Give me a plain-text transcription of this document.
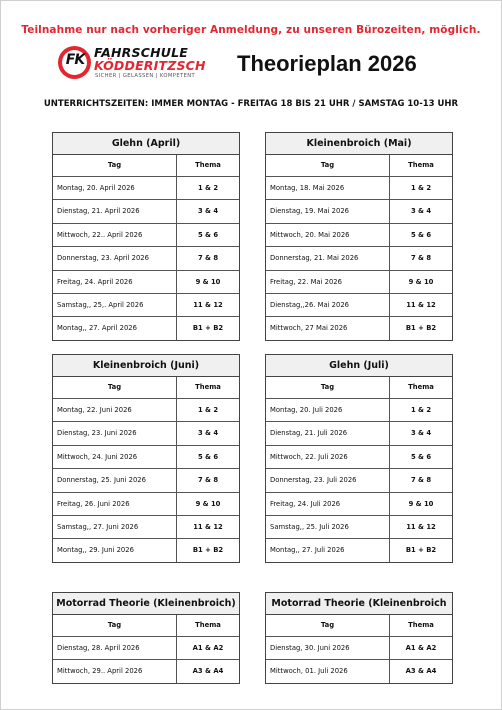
Teilnahme nur nach vorheriger Anmeldung, zu unseren Bürozeiten, möglich.
FK FAHRSCHULE
KÖDDERITZSCH
SICHER | GELASSEN | KOMPETENT Theorieplan 2026
UNTERRICHTSZEITEN: IMMER MONTAG - FREITAG 18 BIS 21 UHR / SAMSTAG 10-13 UHR
Glehn (April)
Tag	Thema
Montag, 20. April 2026	1 & 2
Dienstag, 21. April 2026	3 & 4
Mittwoch, 22.. April 2026	5 & 6
Donnerstag, 23. April 2026	7 & 8
Freitag, 24. April 2026	9 & 10
Samstag,, 25,. April 2026	11 & 12
Montag,, 27. April 2026	B1 + B2
Kleinenbroich (Mai)
Tag	Thema
Montag, 18. Mai 2026	1 & 2
Dienstag, 19. Mai 2026	3 & 4
Mittwoch, 20. Mai 2026	5 & 6
Donnerstag, 21. Mai 2026	7 & 8
Freitag, 22. Mai 2026	9 & 10
Dienstag,,26. Mai 2026	11 & 12
Mittwoch, 27 Mai 2026	B1 + B2
Kleinenbroich (Juni)
Tag	Thema
Montag, 22. Juni 2026	1 & 2
Dienstag, 23. Juni 2026	3 & 4
Mittwoch, 24. Juni 2026	5 & 6
Donnerstag, 25. Juni 2026	7 & 8
Freitag, 26. Juni 2026	9 & 10
Samstag,, 27. Juni 2026	11 & 12
Montag,, 29. Juni 2026	B1 + B2
Glehn (Juli)
Tag	Thema
Montag, 20. Juli 2026	1 & 2
Dienstag, 21. Juli 2026	3 & 4
Mittwoch, 22. Juli 2026	5 & 6
Donnerstag, 23. Juli 2026	7 & 8
Freitag, 24. Juli 2026	9 & 10
Samstag,, 25. Juli 2026	11 & 12
Montag,, 27. Juli 2026	B1 + B2
Motorrad Theorie (Kleinenbroich)
Tag	Thema
Dienstag, 28. April 2026	A1 & A2
Mittwoch, 29.. April 2026	A3 & A4
Motorrad Theorie (Kleinenbroich
Tag	Thema
Dienstag, 30. Juni 2026	A1 & A2
Mittwoch, 01. Juli 2026	A3 & A4
